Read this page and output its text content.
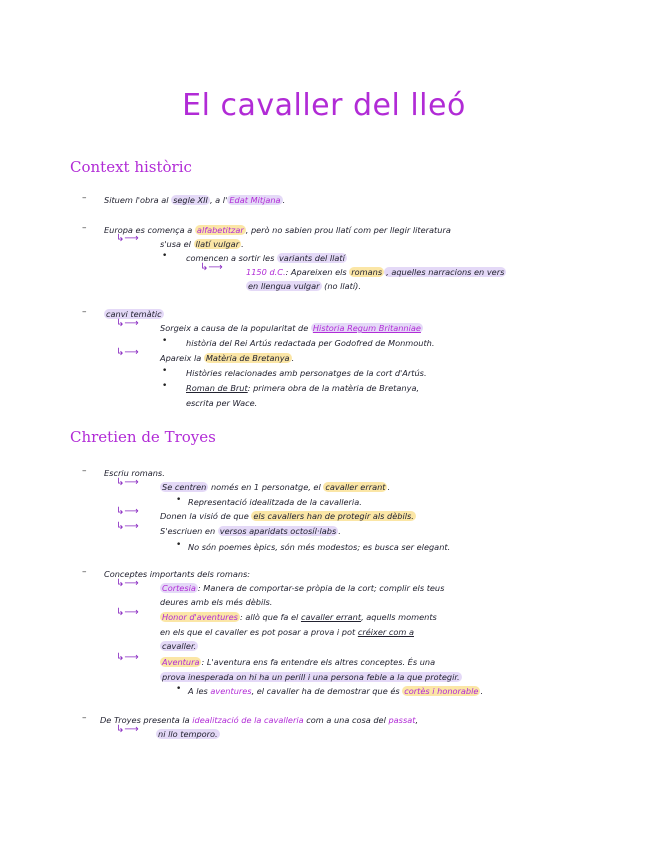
El cavaller del lleó
Context històric
– Situem l'obra al segle XII , a l' Edat Mitjana .
– Europa es comença a alfabetitzar , però no sabien prou llatí com per llegir literatura
↳⟶	s'usa el llatí vulgar .
• comencen a sortir les variants del llatí
↳⟶	1150 d.C.: Apareixen els romans , aquelles narracions en vers
en llengua vulgar (no llatí).
– canvi temàtic
↳⟶	Sorgeix a causa de la popularitat de Historia Regum Britanniae
• història del Rei Artús redactada per Godofred de Monmouth.
↳⟶	Apareix la Matèria de Bretanya .
• Històries relacionades amb personatges de la cort d'Artús.
• Roman de Brut: primera obra de la matèria de Bretanya,
escrita per Wace.
Chretien de Troyes
– Escriu romans.
↳⟶	Se centren només en 1 personatge, el cavaller errant .
• Representació idealitzada de la cavalleria.
↳⟶	Donen la visió de que els cavallers han de protegir als dèbils.
↳⟶	S'escriuen en versos aparidats octosíl·labs .
• No són poemes èpics, són més modestos; es busca ser elegant.
– Conceptes importants dels romans:
↳⟶	Cortesia : Manera de comportar-se pròpia de la cort; complir els teus
deures amb els més dèbils.
↳⟶	Honor d'aventures : allò que fa el cavaller errant, aquells moments
en els que el cavaller es pot posar a prova i pot créixer com a
cavaller.
↳⟶	Aventura : L'aventura ens fa entendre els altres conceptes. És una
prova inesperada on hi ha un perill i una persona feble a la que protegir.
• A les aventures, el cavaller ha de demostrar que és cortès i honorable .
– De Troyes presenta la idealització de la cavalleria com a una cosa del passat,
↳⟶ ni llo temporo.
